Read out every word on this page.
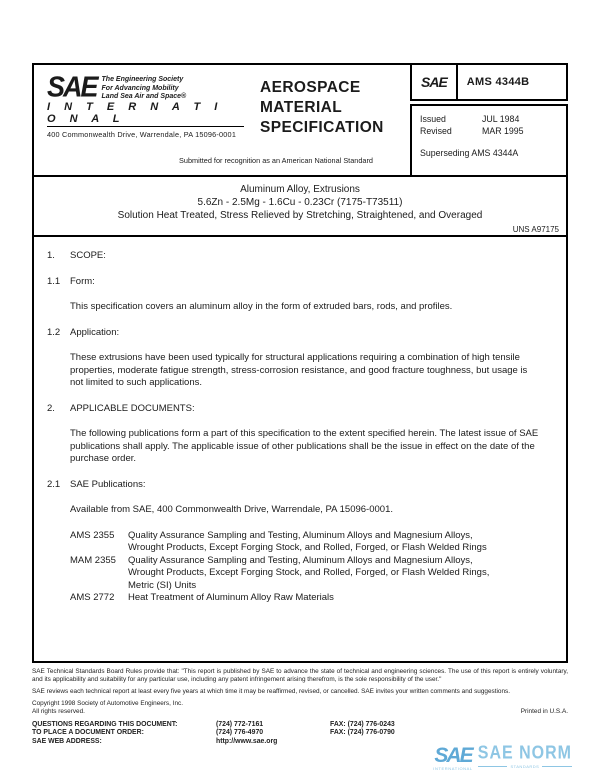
SAE The Engineering Society
For Advancing Mobility
Land Sea Air and Space®
I N T E R N A T I O N A L
400 Commonwealth Drive, Warrendale, PA 15096-0001
AEROSPACE
MATERIAL
SPECIFICATION
Submitted for recognition as an American National Standard
SAE	AMS 4344B
Issued	JUL 1984
Revised	MAR 1995
Superseding AMS 4344A
Aluminum Alloy, Extrusions
5.6Zn - 2.5Mg - 1.6Cu - 0.23Cr (7175-T73511)
Solution Heat Treated, Stress Relieved by Stretching, Straightened, and Overaged
UNS A97175
1.	SCOPE:
1.1	Form:

This specification covers an aluminum alloy in the form of extruded bars, rods, and profiles.

1.2	Application:

These extrusions have been used typically for structural applications requiring a combination of high tensile properties, moderate fatigue strength, stress-corrosion resistance, and good fracture toughness, but usage is not limited to such applications.

2.	APPLICABLE DOCUMENTS:

The following publications form a part of this specification to the extent specified herein. The latest issue of SAE publications shall apply. The applicable issue of other publications shall be the issue in effect on the date of the purchase order.

2.1	SAE Publications:

Available from SAE, 400 Commonwealth Drive, Warrendale, PA 15096-0001.

AMS 2355	Quality Assurance Sampling and Testing, Aluminum Alloys and Magnesium Alloys, Wrought Products, Except Forging Stock, and Rolled, Forged, or Flash Welded Rings
MAM 2355	Quality Assurance Sampling and Testing, Aluminum Alloys and Magnesium Alloys, Wrought Products, Except Forging Stock, and Rolled, Forged, or Flash Welded Rings, Metric (SI) Units
AMS 2772	Heat Treatment of Aluminum Alloy Raw Materials
SAE Technical Standards Board Rules provide that: "This report is published by SAE to advance the state of technical and engineering sciences. The use of this report is entirely voluntary, and its applicability and suitability for any particular use, including any patent infringement arising therefrom, is the sole responsibility of the user."
SAE reviews each technical report at least every five years at which time it may be reaffirmed, revised, or cancelled. SAE invites your written comments and suggestions.
Copyright 1998 Society of Automotive Engineers, Inc.
All rights reserved.	Printed in U.S.A.
QUESTIONS REGARDING THIS DOCUMENT:	(724) 772-7161	FAX: (724) 776-0243
TO PLACE A DOCUMENT ORDER:	(724) 776-4970	FAX: (724) 776-0790
SAE WEB ADDRESS:	http://www.sae.org
SAE
INTERNATIONAL
SAE NORM
STANDARDS
